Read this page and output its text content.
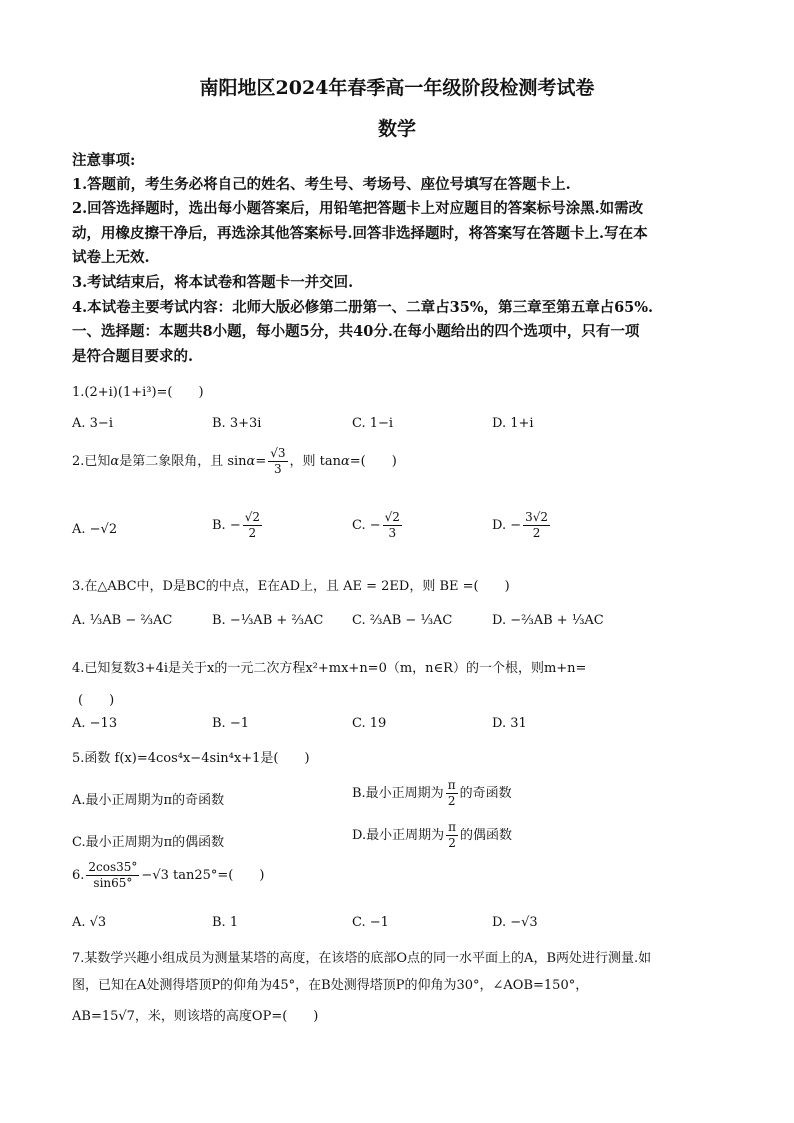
南阳地区2024年春季高一年级阶段检测考试卷
数学
注意事项:
1.答题前，考生务必将自己的姓名、考生号、考场号、座位号填写在答题卡上.
2.回答选择题时，选出每小题答案后，用铅笔把答题卡上对应题目的答案标号涂黑.如需改
动，用橡皮擦干净后，再选涂其他答案标号.回答非选择题时，将答案写在答题卡上.写在本
试卷上无效.
3.考试结束后，将本试卷和答题卡一并交回.
4.本试卷主要考试内容：北师大版必修第二册第一、二章占35%，第三章至第五章占65%.
一、选择题：本题共8小题，每小题5分，共40分.在每小题给出的四个选项中，只有一项
是符合题目要求的.
1.(2+i)(1+i³)=(　　)
A. 3−i	B. 3+3i	C. 1−i	D. 1+i
2.已知α是第二象限角，且 $\sin\alpha= \frac{√3}{3}$ ，则 tanα=(　　)
A. −√2	B. − $\frac{√2}{2}$	C. − $\frac{√2}{3}$	D. − $\frac{3√2}{2}$
3.在△ABC中，D是BC的中点，E在AD上，且 AE = 2ED，则 BE =(　　)
A. ⅓AB − ⅔AC	B. −⅓AB + ⅔AC C. ⅔AB − ⅓AC	D. −⅔AB + ⅓AC
4.已知复数3+4i是关于x的一元二次方程x²+mx+n=0（m，n∈R）的一个根，则m+n=
(　　)
A. −13	B. −1	C. 19	D. 31
5.函数 f(x)=4cos⁴x−4sin⁴x+1是(　　)
A.最小正周期为π的奇函数	B.最小正周期为 $\frac{\pi}{2}$ 的奇函数
C.最小正周期为π的偶函数	D.最小正周期为 $\frac{\pi}{2}$ 的偶函数
6. $\frac{2\cos 35^\circ}{\sin 65^\circ} -√3$ tan25°=(　　)
A. √3	B. 1	C. −1	D. −√3
7.某数学兴趣小组成员为测量某塔的高度，在该塔的底部O点的同一水平面上的A，B两处进行测量.如
图，已知在A处测得塔顶P的仰角为45°，在B处测得塔顶P的仰角为30°，∠AOB=150°，
AB=15√7，米，则该塔的高度OP=(　　)
